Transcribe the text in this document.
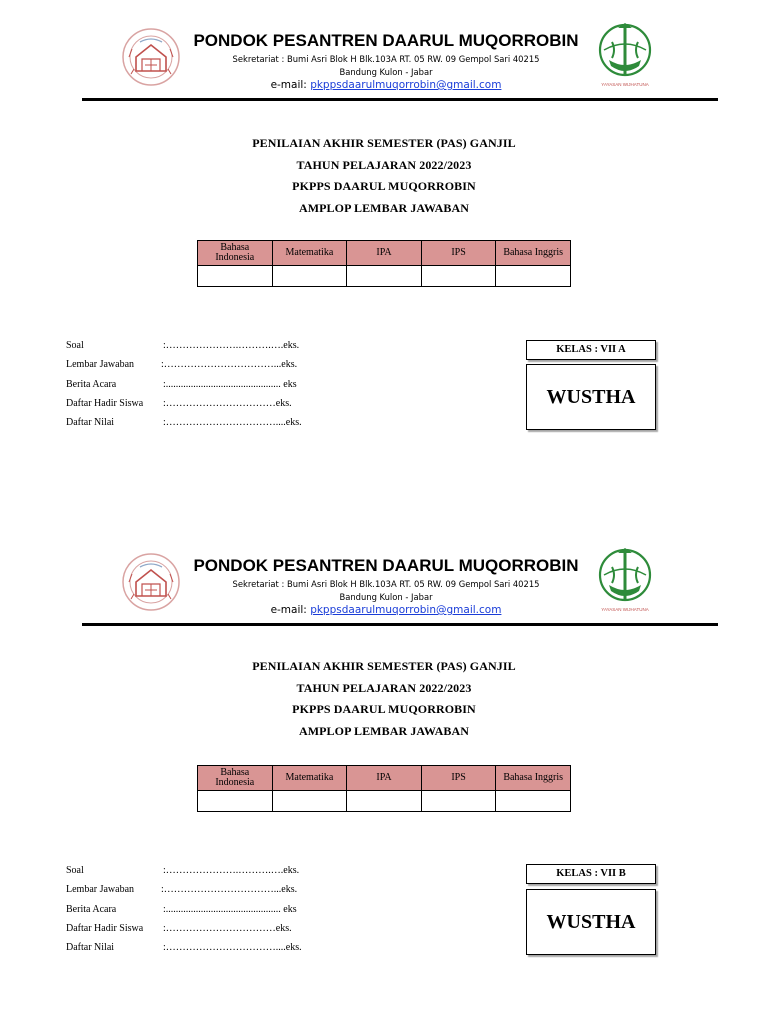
PONDOK PESANTREN DAARUL MUQORROBIN
Sekretariat : Bumi Asri Blok H Blk.103A RT. 05 RW. 09 Gempol Sari 40215
Bandung Kulon - Jabar
e-mail: pkppsdaarulmuqorrobin@gmail.com	YAYASAN WIJHATUNA
PENILAIAN AKHIR SEMESTER (PAS) GANJIL
TAHUN PELAJARAN 2022/2023
PKPPS DAARUL MUQORROBIN
AMPLOP LEMBAR JAWABAN
Bahasa
Indonesia	Matematika	IPA	IPS	Bahasa Inggris

Soal	:………………….……….….eks.
Lembar Jawaban	:……………………………...eks.
Berita Acara	:.............................................. eks
Daftar Hadir Siswa :……………………………eks.
Daftar Nilai	:……………………………....eks.
KELAS : VII A
WUSTHA
PONDOK PESANTREN DAARUL MUQORROBIN
Sekretariat : Bumi Asri Blok H Blk.103A RT. 05 RW. 09 Gempol Sari 40215
Bandung Kulon - Jabar
e-mail: pkppsdaarulmuqorrobin@gmail.com	YAYASAN WIJHATUNA
PENILAIAN AKHIR SEMESTER (PAS) GANJIL
TAHUN PELAJARAN 2022/2023
PKPPS DAARUL MUQORROBIN
AMPLOP LEMBAR JAWABAN
Bahasa
Indonesia	Matematika	IPA	IPS	Bahasa Inggris

Soal	:………………….……….….eks.
Lembar Jawaban	:……………………………...eks.
Berita Acara	:.............................................. eks
Daftar Hadir Siswa :……………………………eks.
Daftar Nilai	:……………………………....eks.
KELAS : VII B
WUSTHA
